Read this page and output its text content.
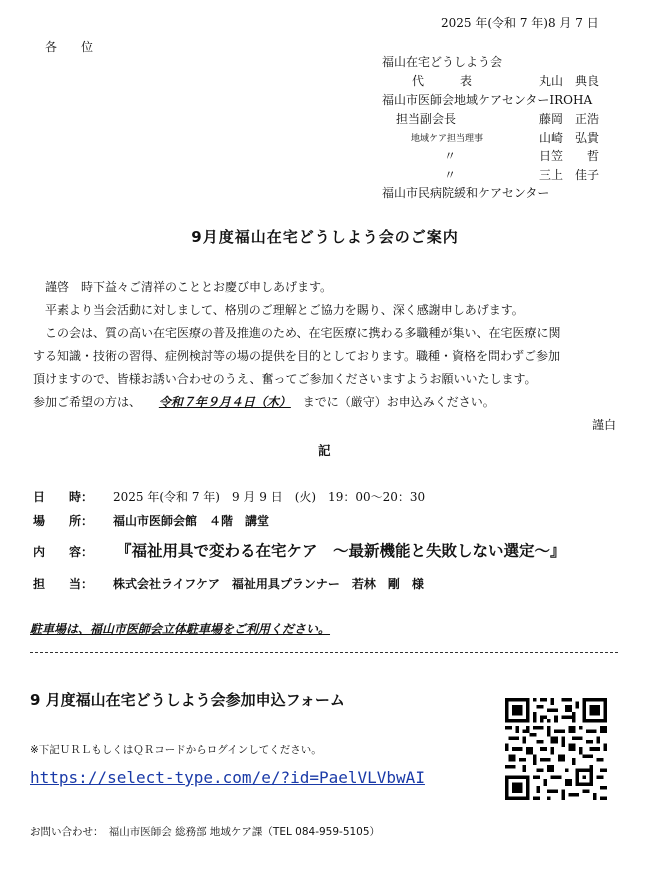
2025 年(令和 7 年)8 月 7 日
各　　位
福山在宅どうしよう会
代　　　表	丸山　典良
福山市医師会地域ケアセンターIROHA
担当副会長	藤岡　正浩
地域ケア担当理事	山崎　弘貴
〃	日笠　　哲
〃	三上　佳子
福山市民病院緩和ケアセンター
9月度福山在宅どうしよう会のご案内
謹啓　時下益々ご清祥のこととお慶び申しあげます。
平素より当会活動に対しまして、格別のご理解とご協力を賜り、深く感謝申しあげます。
この会は、質の高い在宅医療の普及推進のため、在宅医療に携わる多職種が集い、在宅医療に関
する知識・技術の習得、症例検討等の場の提供を目的としております。職種・資格を問わずご参加
頂けますので、皆様お誘い合わせのうえ、奮ってご参加くださいますようお願いいたします。
参加ご希望の方は、 令和７年９月４日（木） までに（厳守）お申込みください。
謹白
記
日　　時： 2025 年(令和 7 年)　9 月 9 日　(火)　19：00～20：30
場　　所： 福山市医師会館　４階　講堂
内　　容： 『福祉用具で変わる在宅ケア　～最新機能と失敗しない選定～』
担　　当： 株式会社ライフケア　福祉用具プランナー　若林　剛　様
駐車場は、福山市医師会立体駐車場をご利用ください。
9 月度福山在宅どうしよう会参加申込フォーム
※下記ＵＲＬもしくはＱＲコードからログインしてください。
https://select-type.com/e/?id=PaelVLVbwAI
お問い合わせ：　福山市医師会 総務部 地域ケア課（TEL 084-959-5105）
